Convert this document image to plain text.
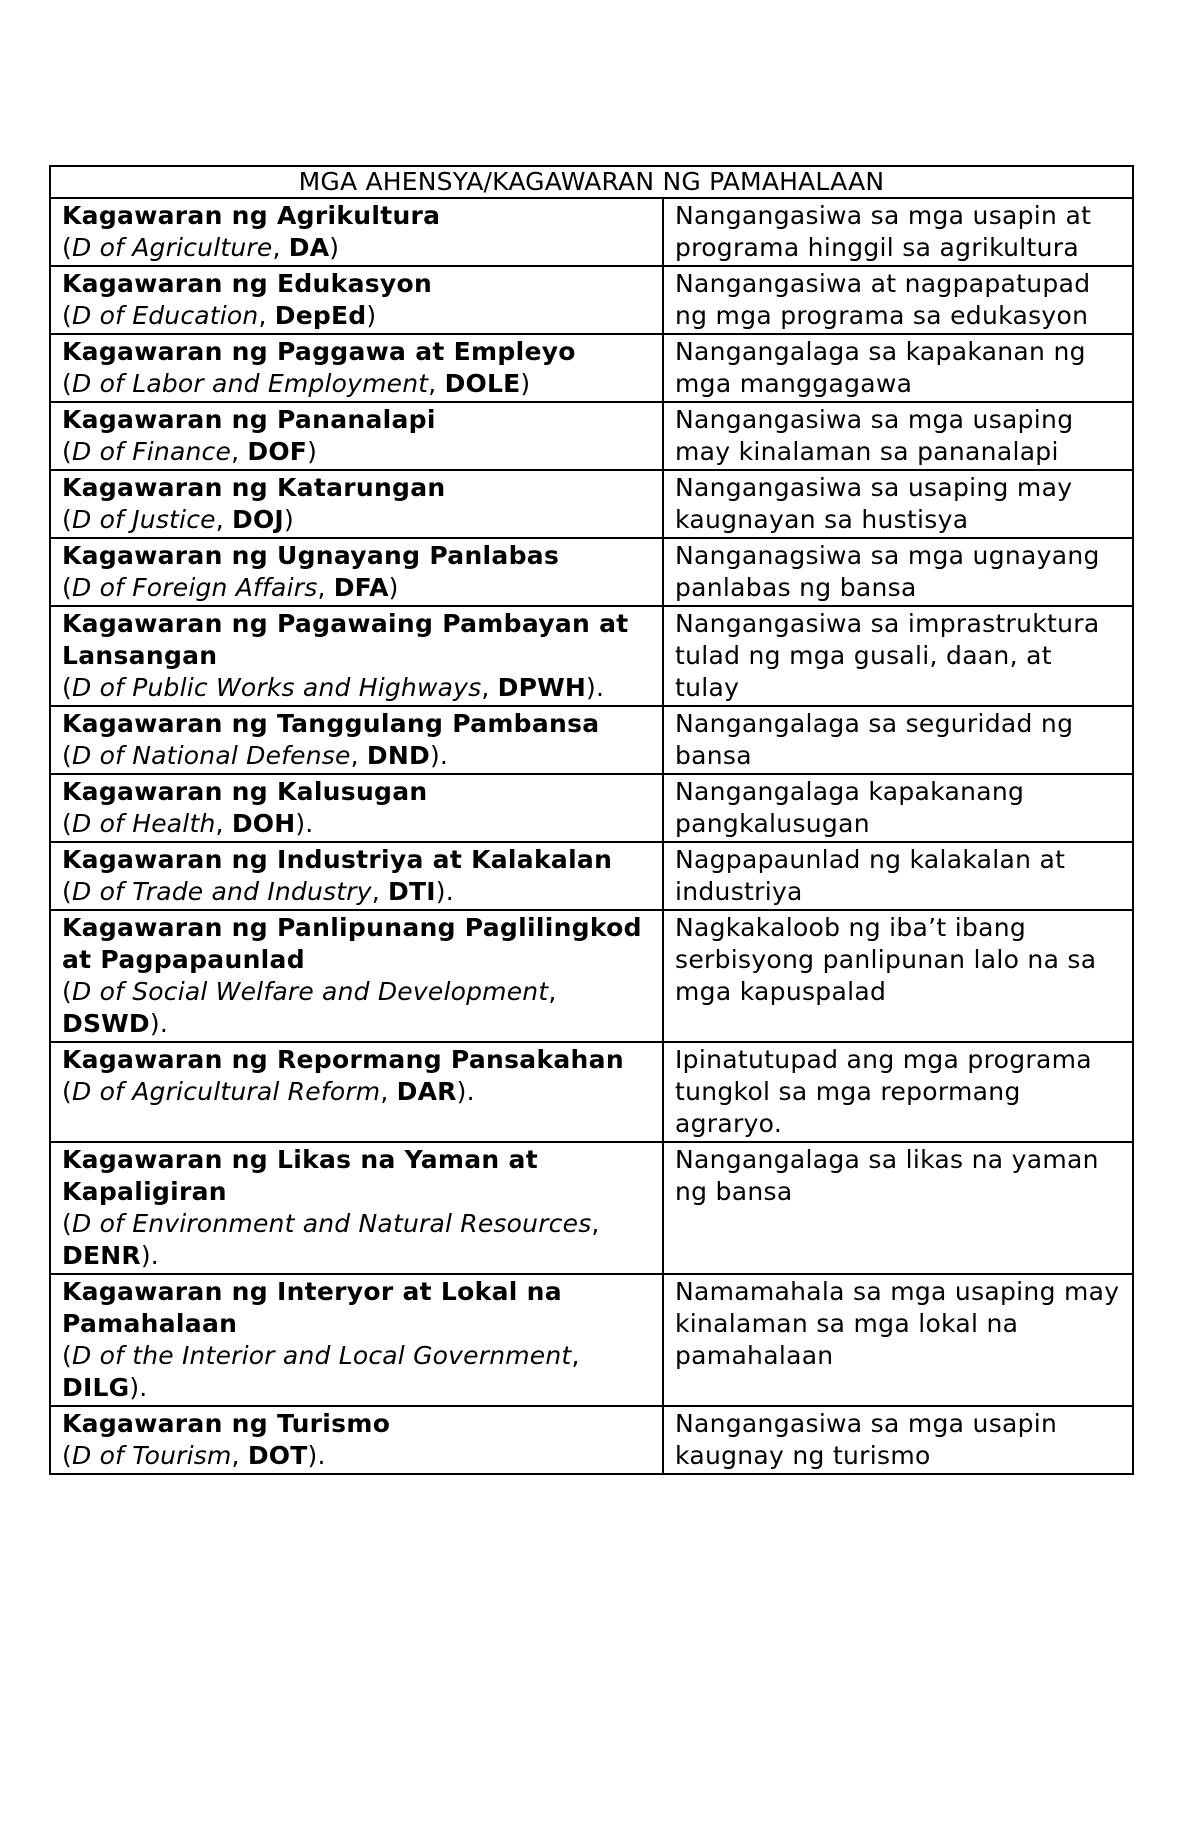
MGA AHENSYA/KAGAWARAN NG PAMAHALAAN	

Kagawaran ng Agrikultura
(D of Agriculture, DA)	Nangangasiwa sa mga usapin at programa hinggil sa agrikultura

Kagawaran ng Edukasyon
(D of Education, DepEd)	Nangangasiwa at nagpapatupad ng mga programa sa edukasyon

Kagawaran ng Paggawa at Empleyo
(D of Labor and Employment, DOLE)	Nangangalaga sa kapakanan ng mga manggagawa

Kagawaran ng Pananalapi
(D of Finance, DOF)	Nangangasiwa sa mga usaping may kinalaman sa pananalapi

Kagawaran ng Katarungan
(D of Justice, DOJ)	Nangangasiwa sa usaping may kaugnayan sa hustisya

Kagawaran ng Ugnayang Panlabas
(D of Foreign Affairs, DFA)	Nanganagsiwa sa mga ugnayang panlabas ng bansa

Kagawaran ng Pagawaing Pambayan at Lansangan
(D of Public Works and Highways, DPWH).	Nangangasiwa sa imprastruktura tulad ng mga gusali, daan, at tulay

Kagawaran ng Tanggulang Pambansa
(D of National Defense, DND).	Nangangalaga sa seguridad ng bansa

Kagawaran ng Kalusugan
(D of Health, DOH).	Nangangalaga kapakanang pangkalusugan

Kagawaran ng Industriya at Kalakalan
(D of Trade and Industry, DTI).	Nagpapaunlad ng kalakalan at industriya

Kagawaran ng Panlipunang Paglilingkod at Pagpapaunlad
(D of Social Welfare and Development, DSWD).	Nagkakaloob ng iba’t ibang serbisyong panlipunan lalo na sa mga kapuspalad

Kagawaran ng Repormang Pansakahan
(D of Agricultural Reform, DAR).	Ipinatutupad ang mga programa tungkol sa mga repormang agraryo.

Kagawaran ng Likas na Yaman at Kapaligiran
(D of Environment and Natural Resources, DENR).	Nangangalaga sa likas na yaman ng bansa

Kagawaran ng Interyor at Lokal na Pamahalaan
(D of the Interior and Local Government, DILG).	Namamahala sa mga usaping may kinalaman sa mga lokal na pamahalaan

Kagawaran ng Turismo
(D of Tourism, DOT).	Nangangasiwa sa mga usapin kaugnay ng turismo
